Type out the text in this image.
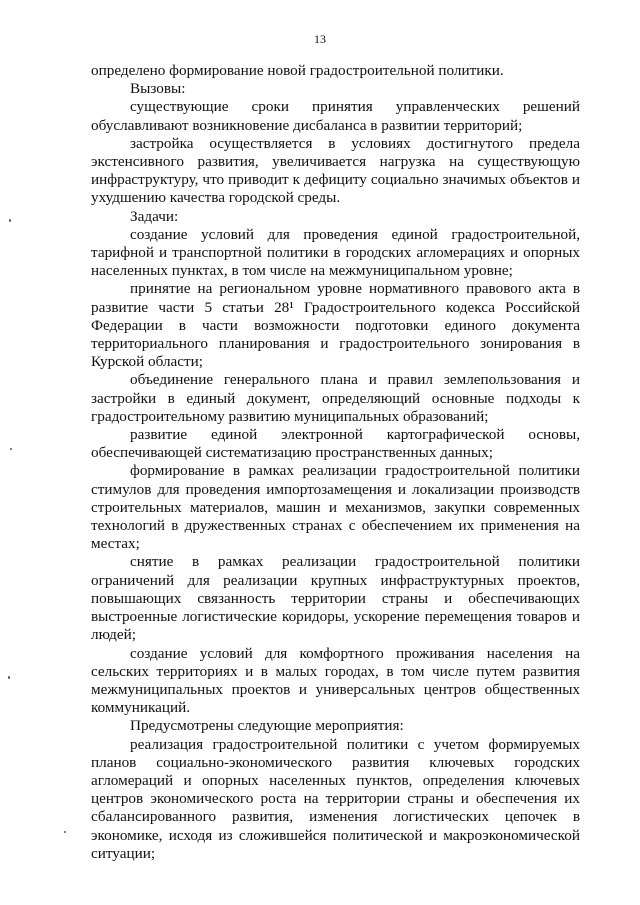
13

определено формирование новой градостроительной политики.

Вызовы:

существующие сроки принятия управленческих решений обуславливают возникновение дисбаланса в развитии территорий;

застройка осуществляется в условиях достигнутого предела экстенсивного развития, увеличивается нагрузка на существующую инфраструктуру, что приводит к дефициту социально значимых объектов и ухудшению качества городской среды.

Задачи:

создание условий для проведения единой градостроительной, тарифной и транспортной политики в городских агломерациях и опорных населенных пунктах, в том числе на межмуниципальном уровне;

принятие на региональном уровне нормативного правового акта в развитие части 5 статьи 28¹ Градостроительного кодекса Российской Федерации в части возможности подготовки единого документа территориального планирования и градостроительного зонирования в Курской области;

объединение генерального плана и правил землепользования и застройки в единый документ, определяющий основные подходы к градостроительному развитию муниципальных образований;

развитие единой электронной картографической основы, обеспечивающей систематизацию пространственных данных;

формирование в рамках реализации градостроительной политики стимулов для проведения импортозамещения и локализации производств строительных материалов, машин и механизмов, закупки современных технологий в дружественных странах с обеспечением их применения на местах;

снятие в рамках реализации градостроительной политики ограничений для реализации крупных инфраструктурных проектов, повышающих связанность территории страны и обеспечивающих выстроенные логистические коридоры, ускорение перемещения товаров и людей;

создание условий для комфортного проживания населения на сельских территориях и в малых городах, в том числе путем развития межмуниципальных проектов и универсальных центров общественных коммуникаций.

Предусмотрены следующие мероприятия:

реализация градостроительной политики с учетом формируемых планов социально-экономического развития ключевых городских агломераций и опорных населенных пунктов, определения ключевых центров экономического роста на территории страны и обеспечения их сбалансированного развития, изменения логистических цепочек в экономике, исходя из сложившейся политической и макроэкономической ситуации;
